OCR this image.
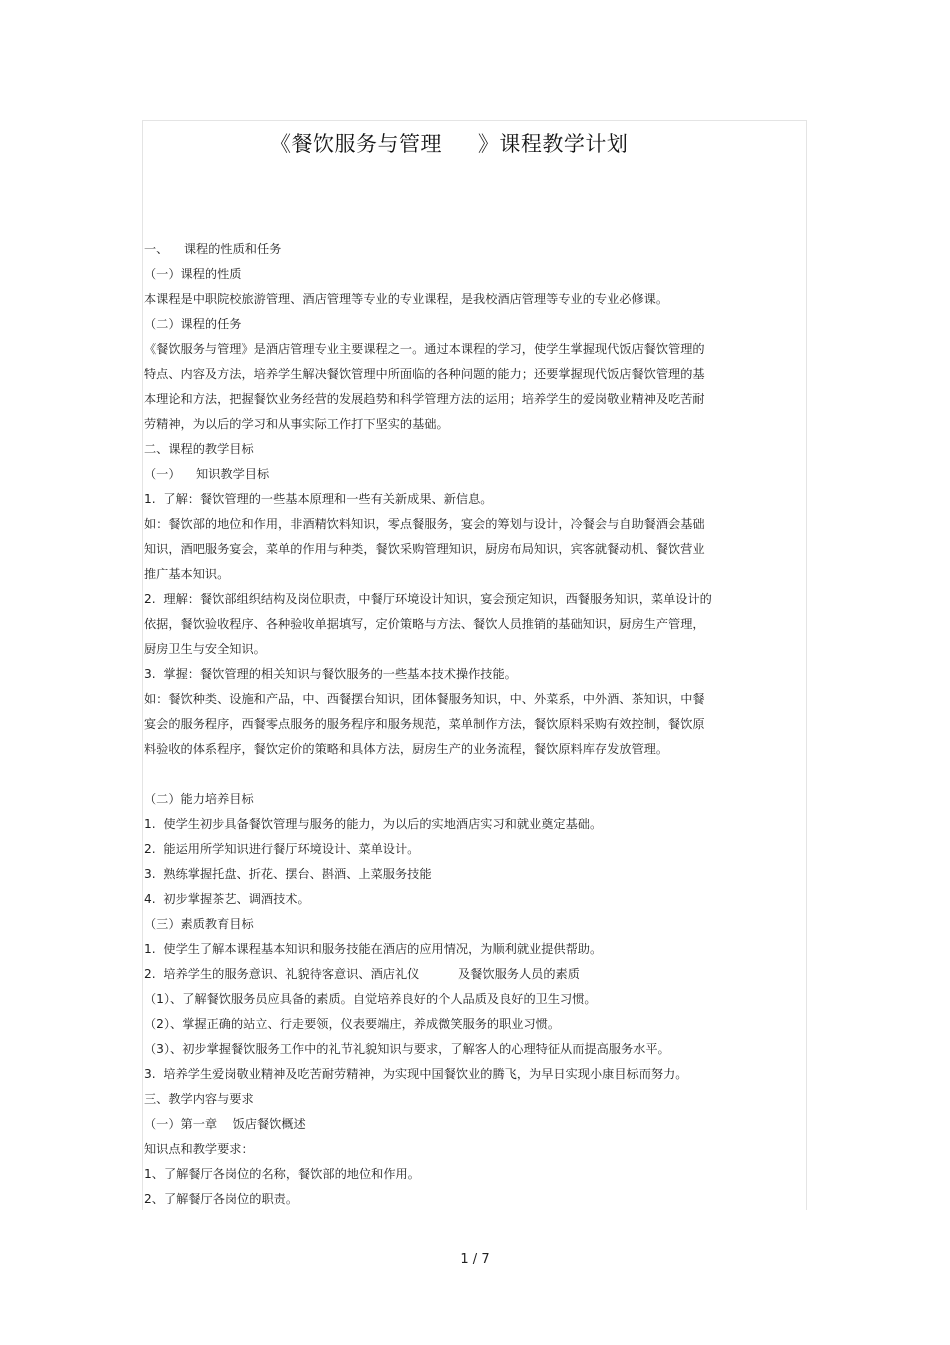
《餐饮服务与管理     》课程教学计划
一、    课程的性质和任务
（一）课程的性质
本课程是中职院校旅游管理、酒店管理等专业的专业课程，是我校酒店管理等专业的专业必修课。
（二）课程的任务
《餐饮服务与管理》是酒店管理专业主要课程之一。通过本课程的学习，使学生掌握现代饭店餐饮管理的
特点、内容及方法，培养学生解决餐饮管理中所面临的各种问题的能力；还要掌握现代饭店餐饮管理的基
本理论和方法，把握餐饮业务经营的发展趋势和科学管理方法的运用；培养学生的爱岗敬业精神及吃苦耐
劳精神，为以后的学习和从事实际工作打下坚实的基础。
二、课程的教学目标
（一）    知识教学目标
1.  了解：餐饮管理的一些基本原理和一些有关新成果、新信息。
如：餐饮部的地位和作用，非酒精饮料知识，零点餐服务，宴会的筹划与设计，冷餐会与自助餐酒会基础
知识，酒吧服务宴会，菜单的作用与种类，餐饮采购管理知识，厨房布局知识，宾客就餐动机、餐饮营业
推广基本知识。
2.  理解：餐饮部组织结构及岗位职责，中餐厅环境设计知识，宴会预定知识，西餐服务知识，菜单设计的
依据，餐饮验收程序、各种验收单据填写，定价策略与方法、餐饮人员推销的基础知识，厨房生产管理，
厨房卫生与安全知识。
3.  掌握：餐饮管理的相关知识与餐饮服务的一些基本技术操作技能。
如：餐饮种类、设施和产品，中、西餐摆台知识，团体餐服务知识，中、外菜系，中外酒、茶知识，中餐
宴会的服务程序，西餐零点服务的服务程序和服务规范，菜单制作方法，餐饮原料采购有效控制，餐饮原
料验收的体系程序，餐饮定价的策略和具体方法，厨房生产的业务流程，餐饮原料库存发放管理。
（二）能力培养目标
1.  使学生初步具备餐饮管理与服务的能力，为以后的实地酒店实习和就业奠定基础。
2.  能运用所学知识进行餐厅环境设计、菜单设计。
3.  熟练掌握托盘、折花、摆台、斟酒、上菜服务技能
4.  初步掌握茶艺、调酒技术。
（三）素质教育目标
1.  使学生了解本课程基本知识和服务技能在酒店的应用情况，为顺利就业提供帮助。
2.  培养学生的服务意识、礼貌待客意识、酒店礼仪          及餐饮服务人员的素质
（1）、了解餐饮服务员应具备的素质。自觉培养良好的个人品质及良好的卫生习惯。
（2）、掌握正确的站立、行走要领，仪表要端庄，养成微笑服务的职业习惯。
（3）、初步掌握餐饮服务工作中的礼节礼貌知识与要求，了解客人的心理特征从而提高服务水平。
3.  培养学生爱岗敬业精神及吃苦耐劳精神，为实现中国餐饮业的腾飞，为早日实现小康目标而努力。
三、教学内容与要求
（一）第一章    饭店餐饮概述
知识点和教学要求：
1、了解餐厅各岗位的名称，餐饮部的地位和作用。
2、了解餐厅各岗位的职责。
1 / 7
